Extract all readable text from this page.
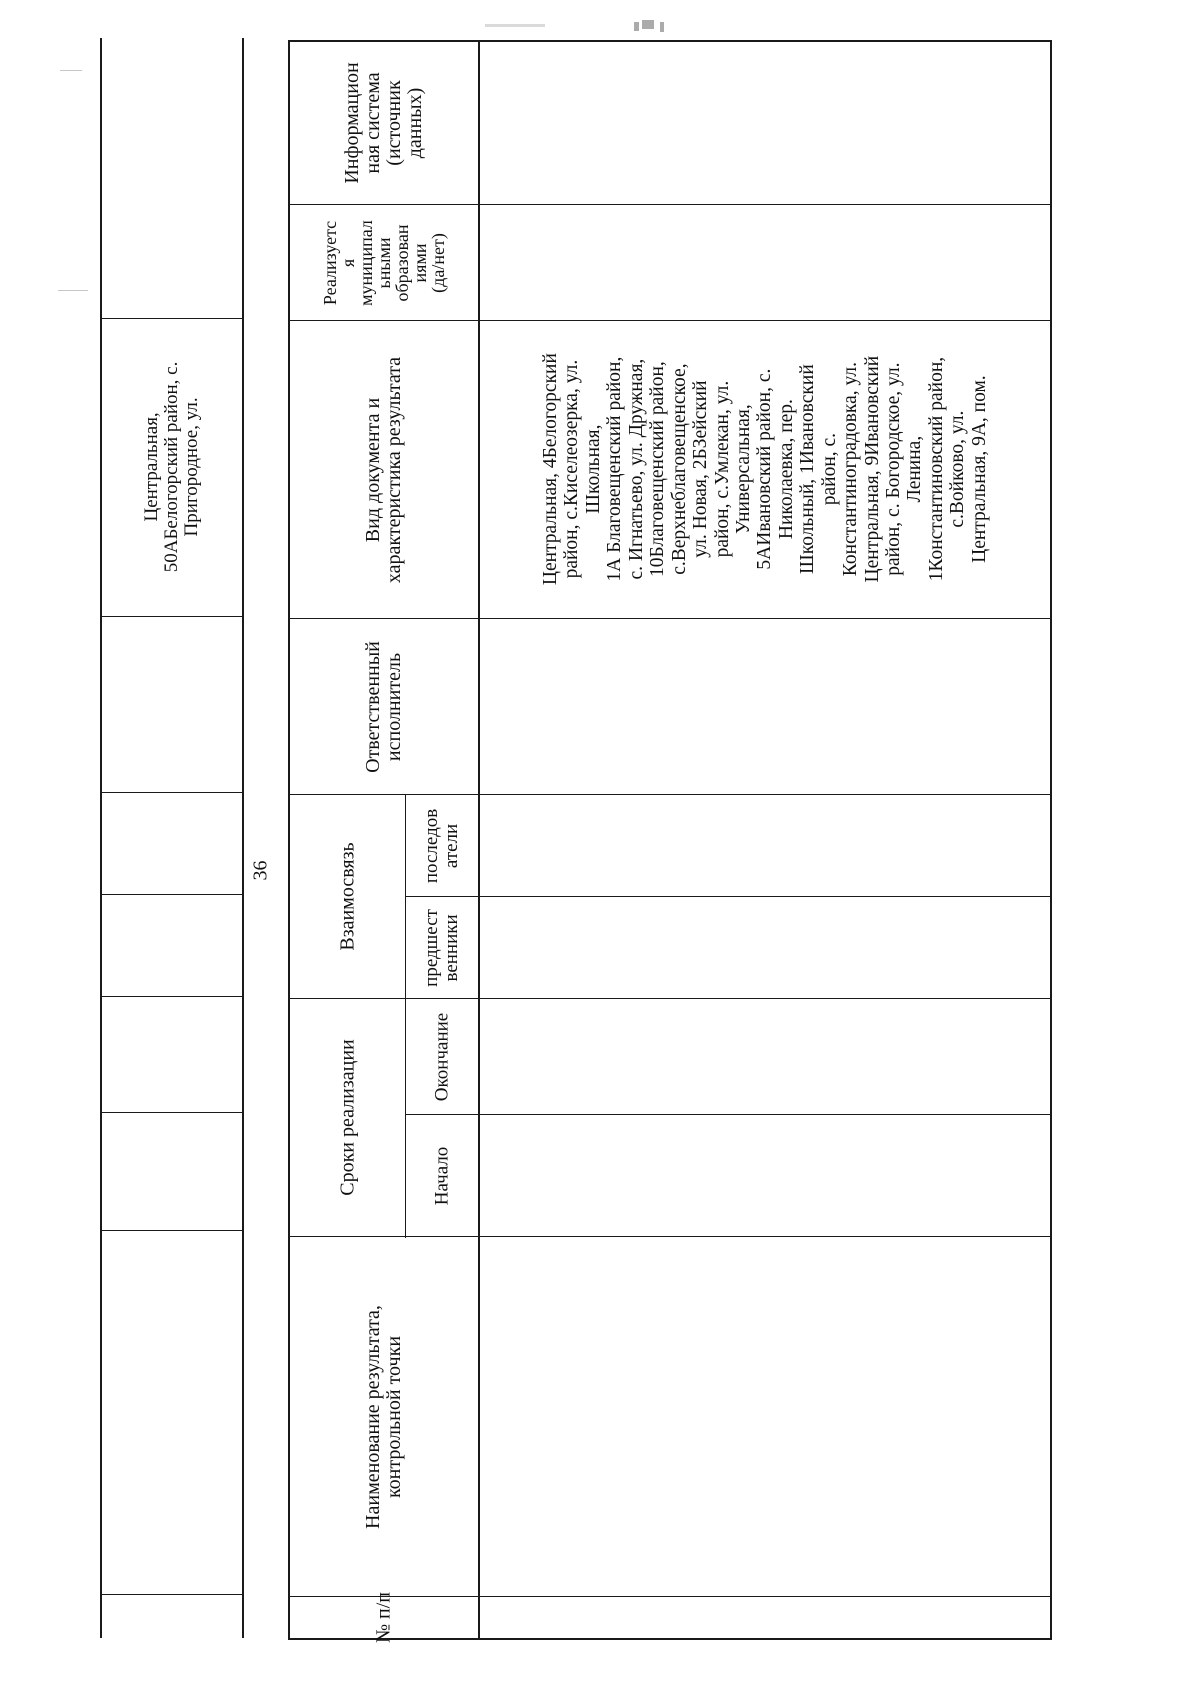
Центральная,
50АБелогорский район, с.
Пригородное, ул.
36
Информацион
ная система
(источник
данных)
Реализуетс
я
муниципал
ьными
образован
иями
(да/нет)
Вид документа и
характеристика результата
Ответственный
исполнитель
Взаимосвязь	последов
атели
предшест
венники
Сроки реализации	Окончание
Начало
Наименование результата,
контрольной точки
№ п/п
Центральная, 4Белогорский
район, с.Киселеозерка, ул.
Школьная,
1А Благовещенский район,
с. Игнатьево, ул. Дружная,
10Благовещенский район,
с.Верхнеблаговещенское,
ул. Новая, 2БЗейский
район, с.Умлекан, ул.
Универсальная,
5АИвановский район, с.
Николаевка, пер.
Школьный, 1Ивановский
район, с.
Константиноградовка, ул.
Центральная, 9Ивановский
район, с. Богородское, ул.
Ленина,
1Константиновский район,
с.Войково, ул.
Центральная, 9А, пом.
